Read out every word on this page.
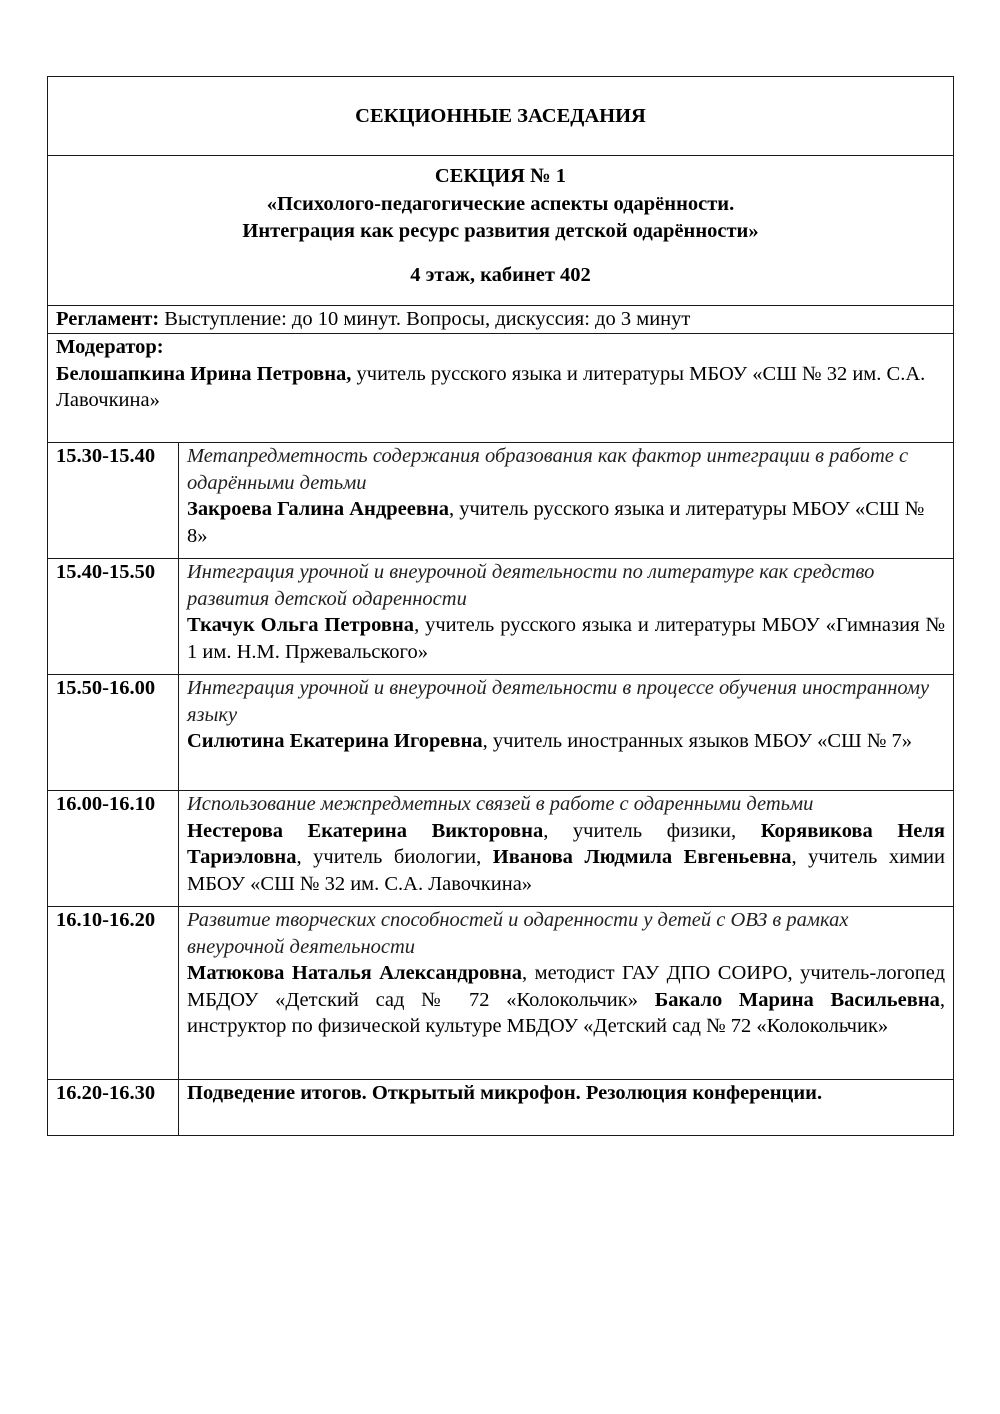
СЕКЦИОННЫЕ ЗАСЕДАНИЯ	

СЕКЦИЯ № 1
«Психолого-педагогические аспекты одарённости.
Интеграция как ресурс развития детской одарённости»
4 этаж, кабинет 402	

Регламент: Выступление: до 10 минут. Вопросы, дискуссия: до 3 минут	

Модератор:
Белошапкина Ирина Петровна, учитель русского языка и литературы МБОУ «СШ № 32 им. С.А. Лавочкина»	

15.30-15.40	Метапредметность содержания образования как фактор интеграции в работе с одарёнными детьми
Закроева Галина Андреевна, учитель русского языка и литературы МБОУ «СШ № 8»

15.40-15.50	Интеграция урочной и внеурочной деятельности по литературе как средство развития детской одаренности
Ткачук Ольга Петровна, учитель русского языка и литературы МБОУ «Гимназия № 1 им. Н.М. Пржевальского»

15.50-16.00	Интеграция урочной и внеурочной деятельности в процессе обучения иностранному языку
Силютина Екатерина Игоревна, учитель иностранных языков МБОУ «СШ № 7»

16.00-16.10	Использование межпредметных связей в работе с одаренными детьми
Нестерова Екатерина Викторовна, учитель физики, Корявикова Неля Тариэловна, учитель биологии, Иванова Людмила Евгеньевна, учитель химии МБОУ «СШ № 32 им. С.А. Лавочкина»

16.10-16.20	Развитие творческих способностей и одаренности у детей с ОВЗ в рамках внеурочной деятельности
Матюкова Наталья Александровна, методист ГАУ ДПО СОИРО, учитель-логопед МБДОУ «Детский сад № 72 «Колокольчик» Бакало Марина Васильевна, инструктор по физической культуре МБДОУ «Детский сад № 72 «Колокольчик»

16.20-16.30	Подведение итогов. Открытый микрофон. Резолюция конференции.
